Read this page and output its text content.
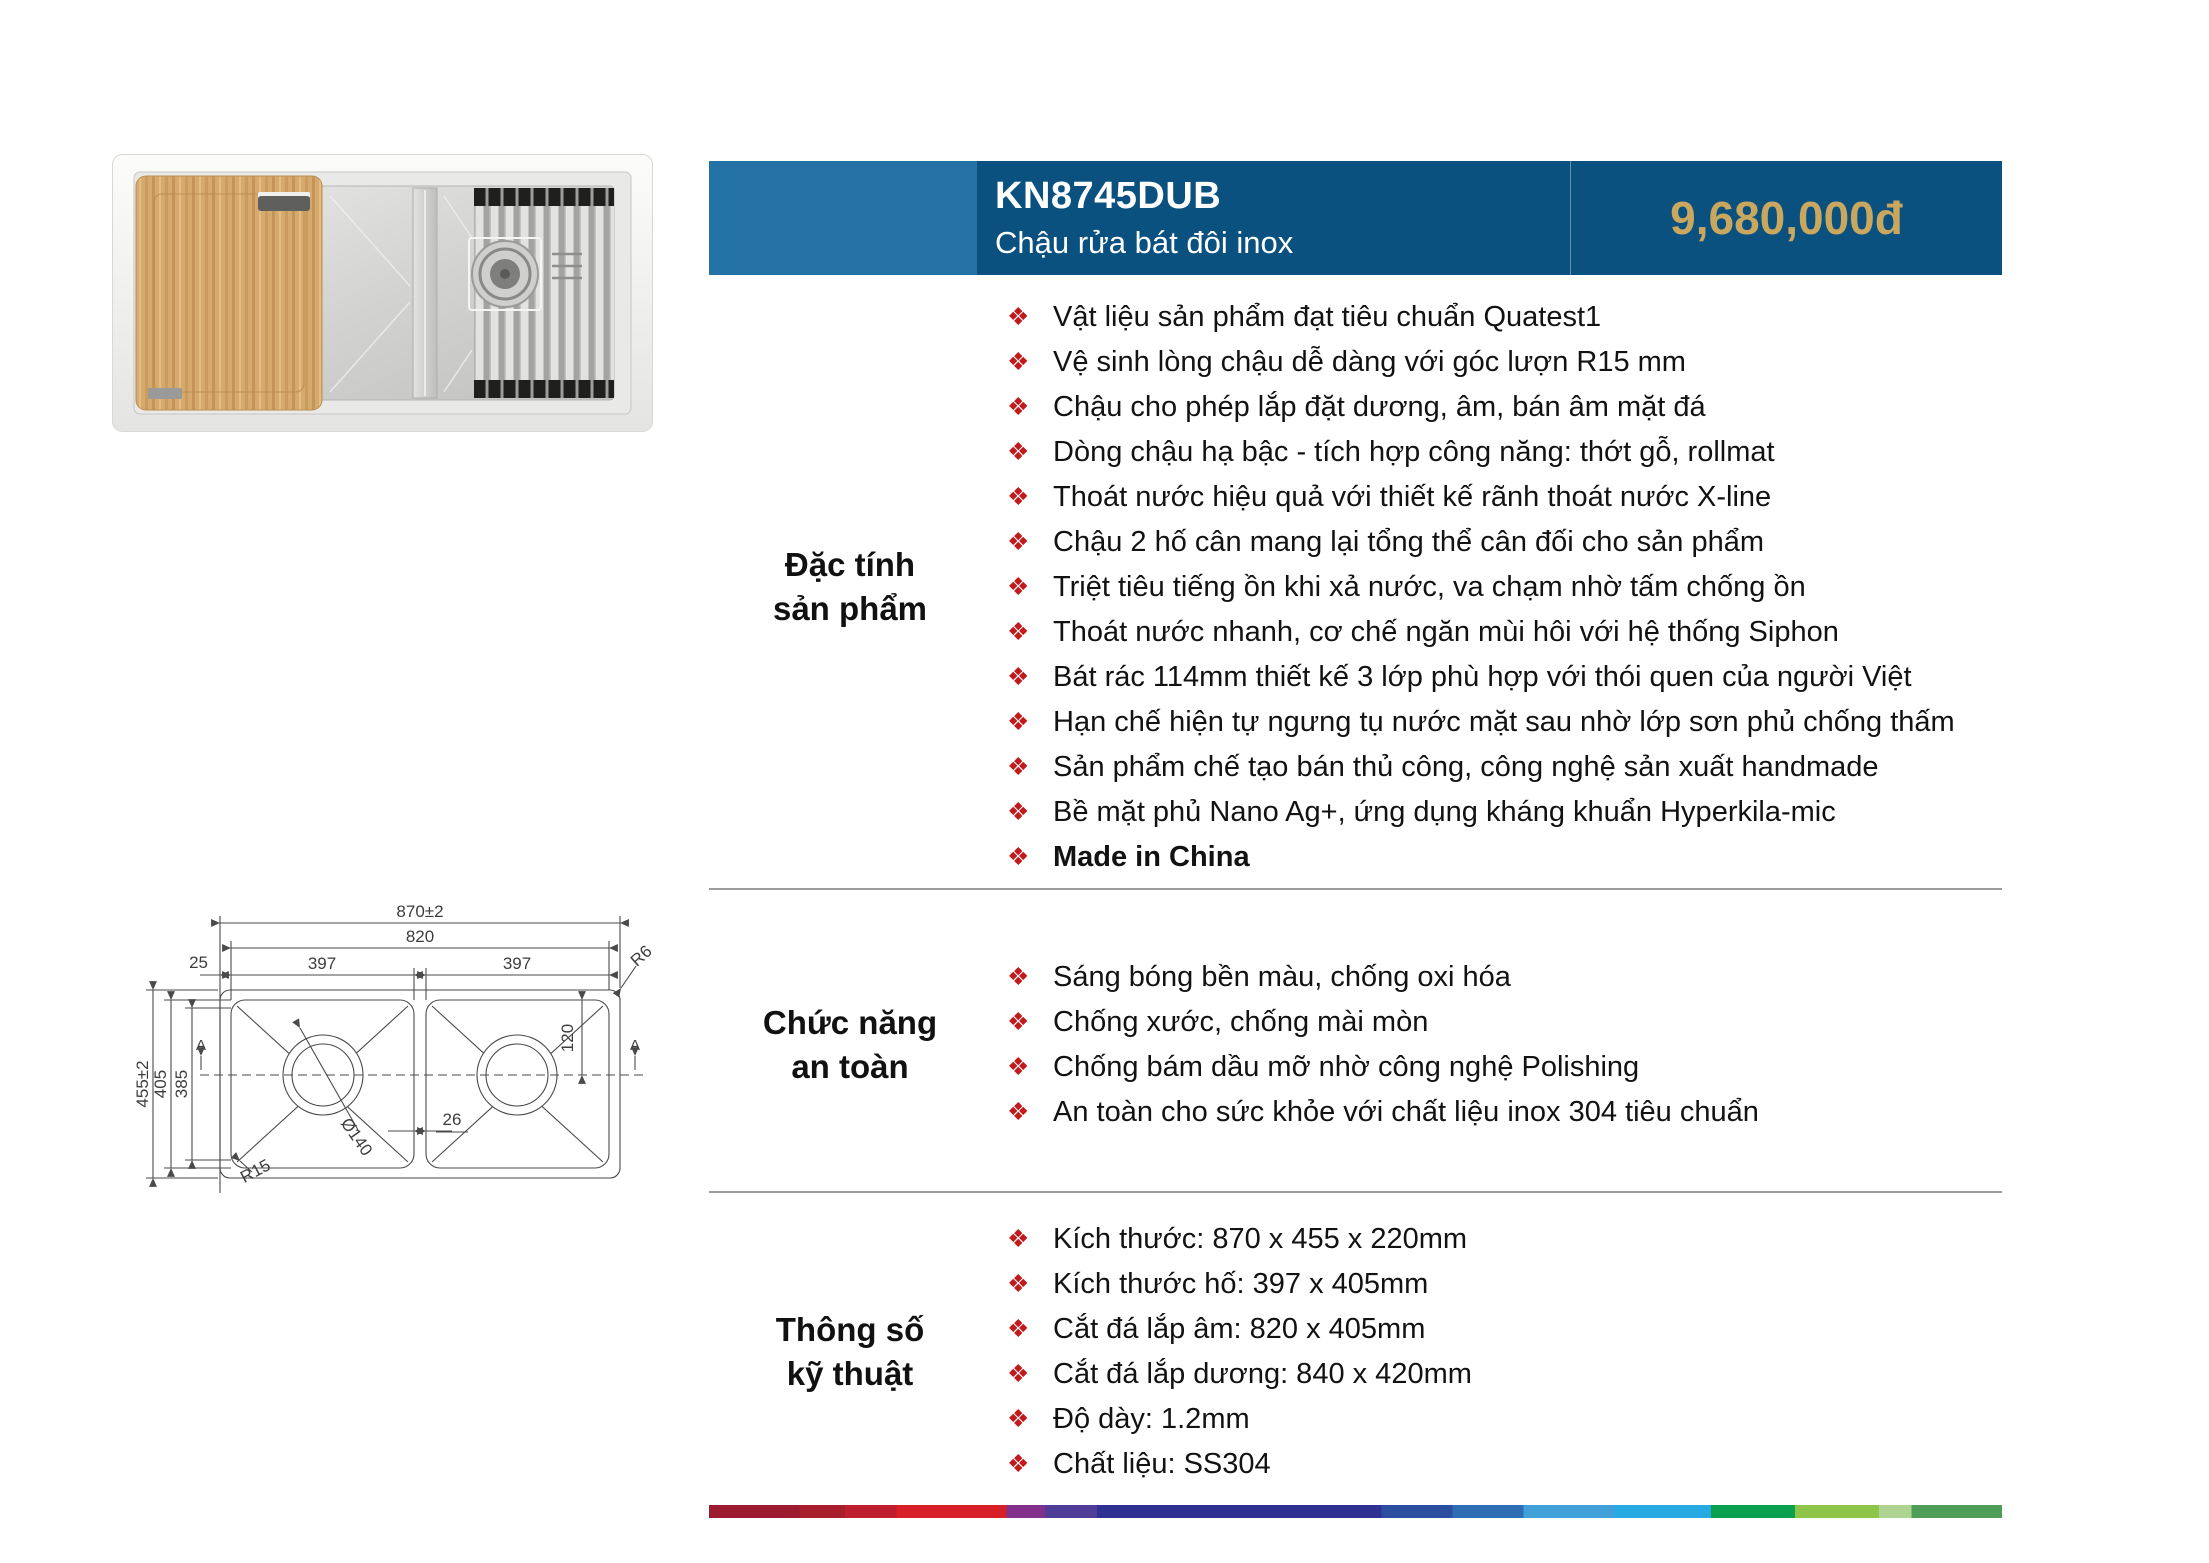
KN8745DUB
Chậu rửa bát đôi inox	9,680,000đ
Đặc tính
sản phẩm
❖ Vật liệu sản phẩm đạt tiêu chuẩn Quatest1
❖ Vệ sinh lòng chậu dễ dàng với góc lượn R15 mm
❖ Chậu cho phép lắp đặt dương, âm, bán âm mặt đá
❖ Dòng chậu hạ bậc - tích hợp công năng: thớt gỗ, rollmat
❖ Thoát nước hiệu quả với thiết kế rãnh thoát nước X-line
❖ Chậu 2 hố cân mang lại tổng thể cân đối cho sản phẩm
❖ Triệt tiêu tiếng ồn khi xả nước, va chạm nhờ tấm chống ồn
❖ Thoát nước nhanh, cơ chế ngăn mùi hôi với hệ thống Siphon
❖ Bát rác 114mm thiết kế 3 lớp phù hợp với thói quen của người Việt
❖ Hạn chế hiện tự ngưng tụ nước mặt sau nhờ lớp sơn phủ chống thấm
❖ Sản phẩm chế tạo bán thủ công, công nghệ sản xuất handmade
❖ Bề mặt phủ Nano Ag+, ứng dụng kháng khuẩn Hyperkila-mic
❖ Made in China
Chức năng
an toàn
❖ Sáng bóng bền màu, chống oxi hóa
❖ Chống xước, chống mài mòn
❖ Chống bám dầu mỡ nhờ công nghệ Polishing
❖ An toàn cho sức khỏe với chất liệu inox 304 tiêu chuẩn
Thông số
kỹ thuật
❖ Kích thước: 870 x 455 x 220mm
❖ Kích thước hố: 397 x 405mm
❖ Cắt đá lắp âm: 820 x 405mm
❖ Cắt đá lắp dương: 840 x 420mm
❖ Độ dày: 1.2mm
❖ Chất liệu: SS304
870±2
820
397	397
25
455±2 405 385
120
26
Ø140
R15
R6
A	A
